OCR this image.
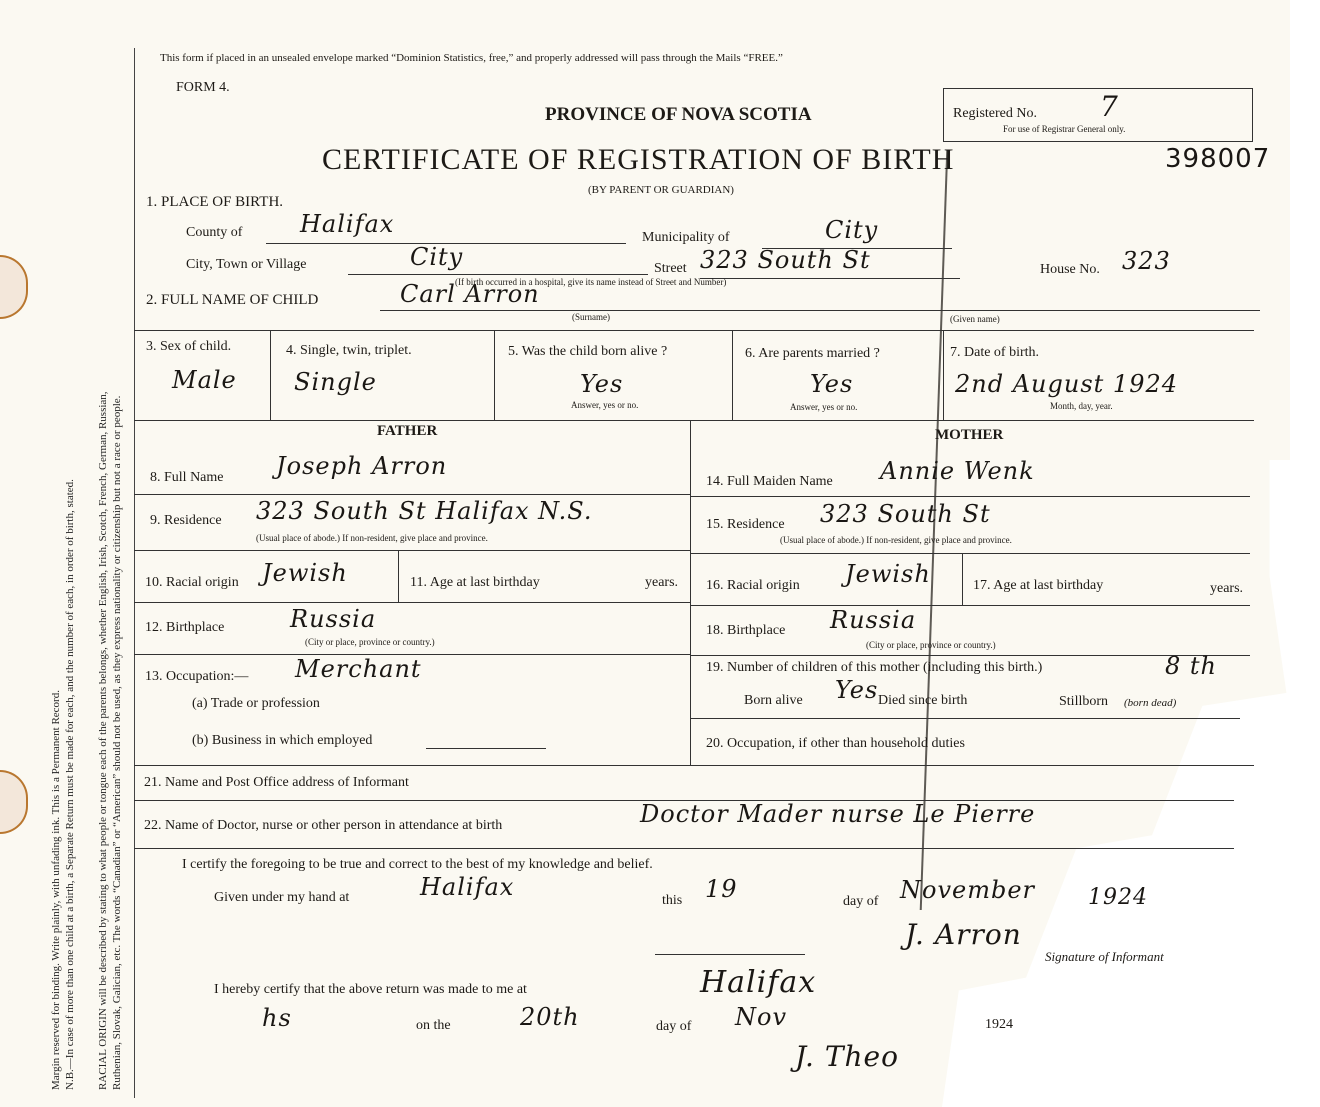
Margin reserved for binding. Write plainly, with unfading ink. This is a Permanent Record. N.B.—In case of more than one child at a birth, a Separate Return must be made for each, and the number of each, in order of birth, stated. RACIAL ORIGIN will be described by stating to what people or tongue each of the parents belongs, whether English, Irish, Scotch, French, German, Russian, Ruthenian, Slovak, Galician, etc. The words “Canadian” or “American” should not be used, as they express nationality or citizenship but not a race or people.
This form if placed in an unsealed envelope marked “Dominion Statistics, free,” and properly addressed will pass through the Mails “FREE.”
FORM 4.
PROVINCE OF NOVA SCOTIA
CERTIFICATE OF REGISTRATION OF BIRTH
(BY PARENT OR GUARDIAN)
Registered No. 7
For use of Registrar General only.
398007
1. PLACE OF BIRTH.
County of Halifax	Municipality of	City
City, Town or Village	City	Street 323 South St	House No. 323
(If birth occurred in a hospital, give its name instead of Street and Number)
2. FULL NAME OF CHILD	Carl Arron
(Surname)	(Given name)
3. Sex of child.
Male
4. Single, twin, triplet.
Single
5. Was the child born alive ?
Yes
Answer, yes or no.
6. Are parents married ?
Yes
Answer, yes or no.
7. Date of birth.
2nd August 1924
Month, day, year.
FATHER	MOTHER
8. Full Name Joseph Arron
9. Residence 323 South St Halifax N.S.
(Usual place of abode.) If non-resident, give place and province.
10. Racial origin Jewish	11. Age at last birthday	years.
12. Birthplace	Russia
(City or place, province or country.)
13. Occupation:— Merchant
(a) Trade or profession
(b) Business in which employed
14. Full Maiden Name Annie Wenk
15. Residence 323 South St
(Usual place of abode.) If non-resident, give place and province.
16. Racial origin Jewish	17. Age at last birthday	years.
18. Birthplace Russia
(City or place, province or country.)
19. Number of children of this mother (including this birth.)	8 th
Born alive Yes Died since birth	Stillborn (born dead)
20. Occupation, if other than household duties
21. Name and Post Office address of Informant
22. Name of Doctor, nurse or other person in attendance at birth	Doctor Mader nurse Le Pierre
I certify the foregoing to be true and correct to the best of my knowledge and belief.
Given under my hand at	Halifax	this 19	day of November 1924
J. Arron
Signature of Informant
I hereby certify that the above return was made to me at	Halifax
hs	on the	20th	day of Nov	1924
J. Theo
